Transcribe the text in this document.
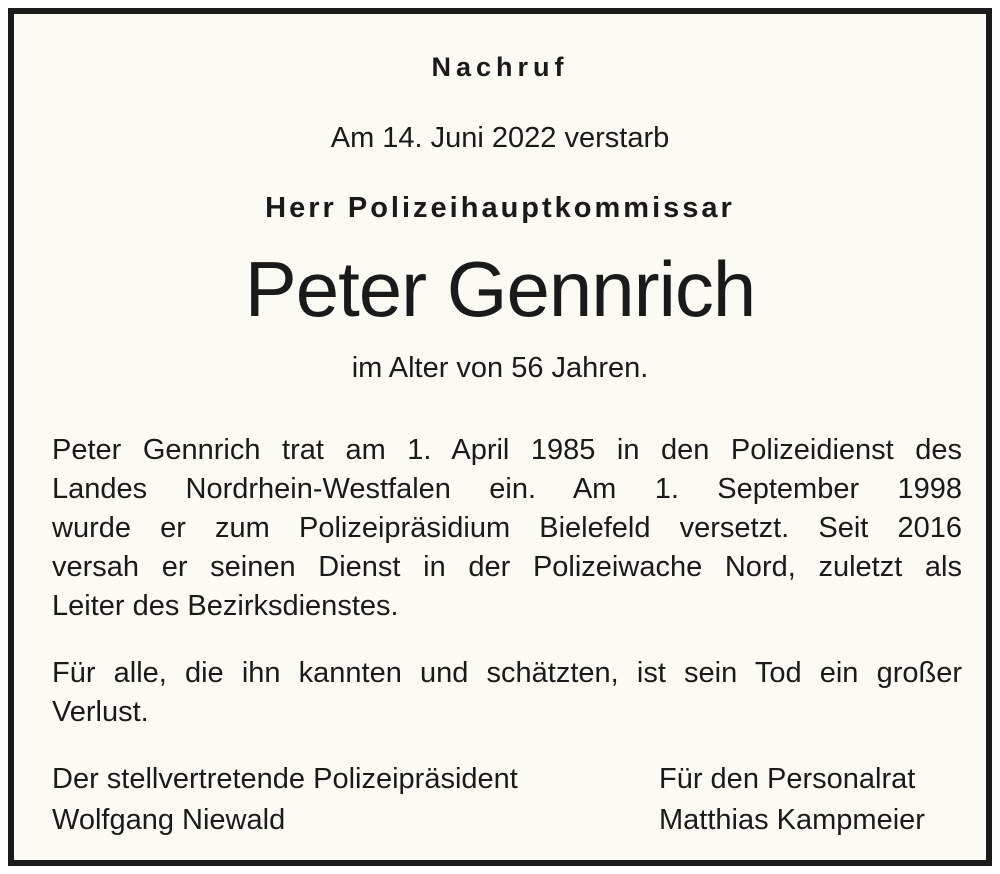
Nachruf
Am 14. Juni 2022 verstarb
Herr Polizeihauptkommissar
Peter Gennrich
im Alter von 56 Jahren.
Peter Gennrich trat am 1. April 1985 in den Polizeidienst des
Landes Nordrhein-Westfalen ein. Am 1. September 1998
wurde er zum Polizeipräsidium Bielefeld versetzt. Seit 2016
versah er seinen Dienst in der Polizeiwache Nord, zuletzt als
Leiter des Bezirksdienstes.
Für alle, die ihn kannten und schätzten, ist sein Tod ein großer
Verlust.
Der stellvertretende Polizeipräsident
Wolfgang Niewald
Für den Personalrat
Matthias Kampmeier
